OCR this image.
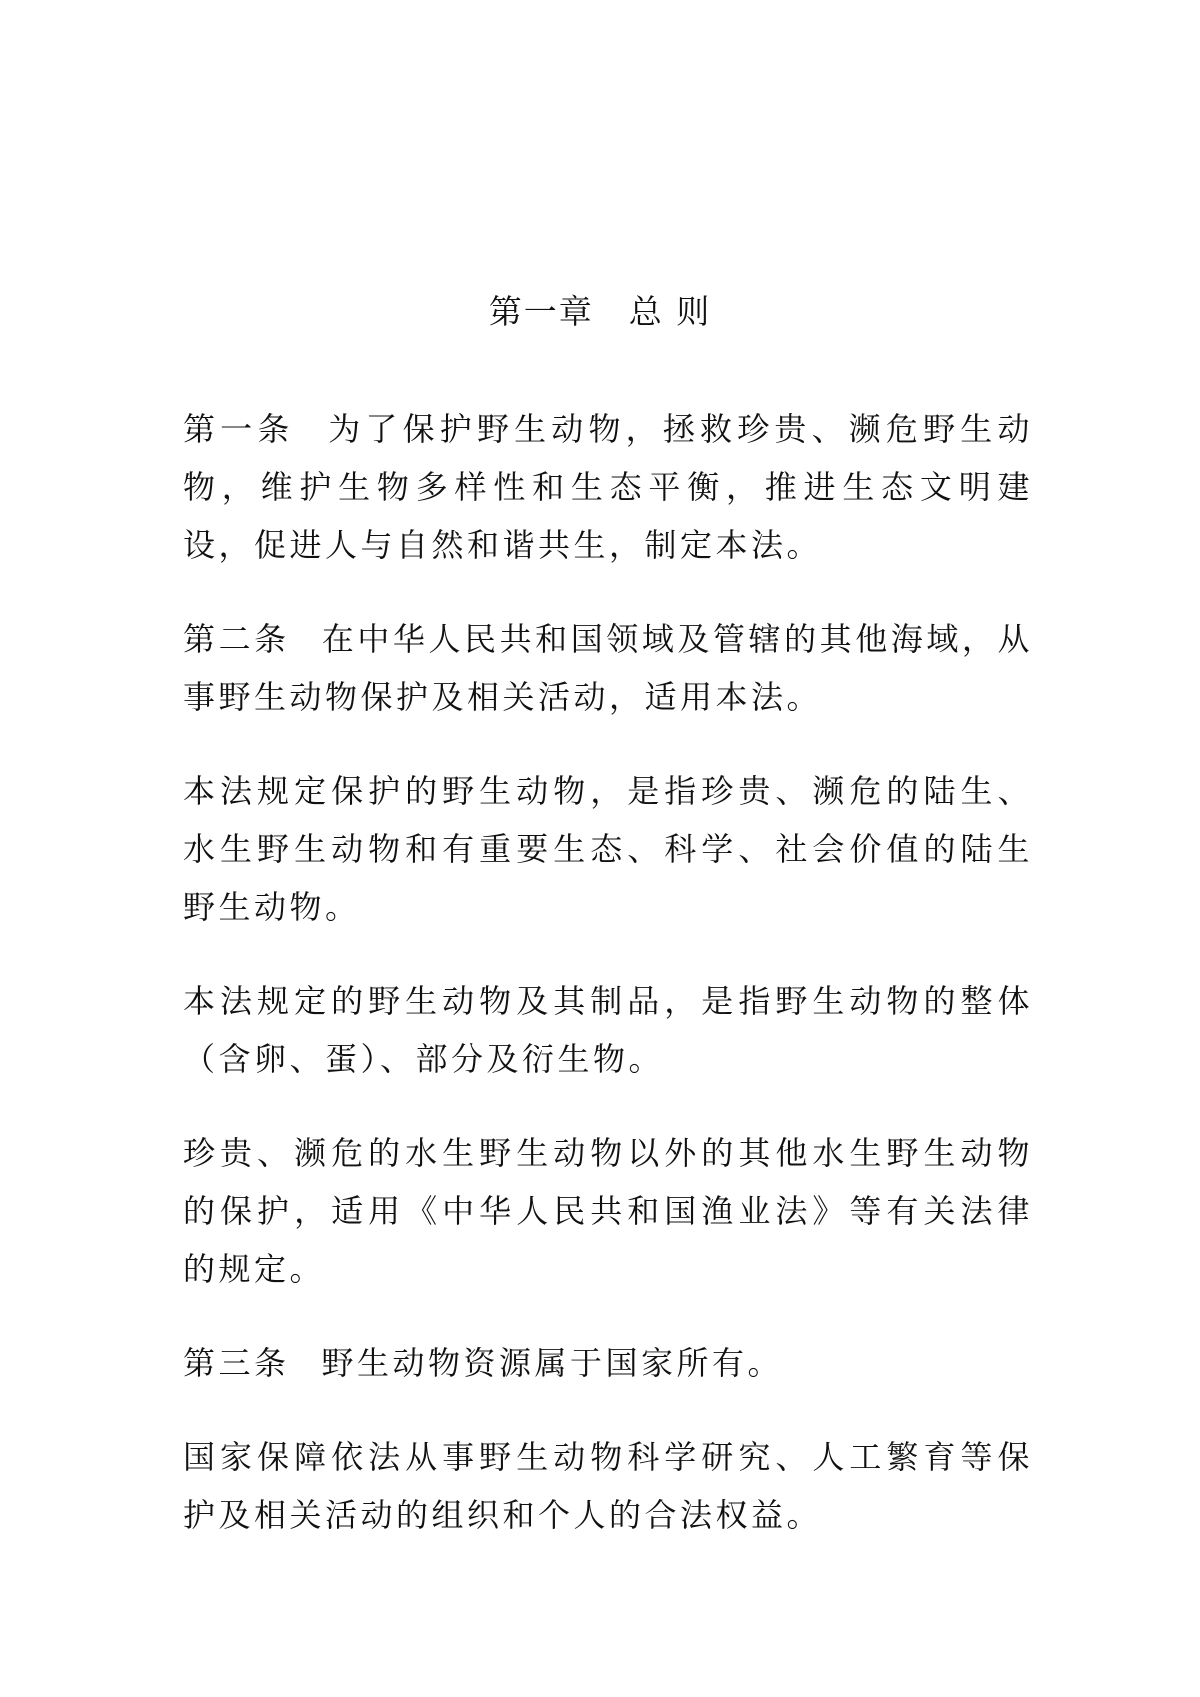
第一章　总 则

第一条 为了保护野生动物，拯救珍贵、濒危野生动物，维护生物多样性和生态平衡，推进生态文明建设，促进人与自然和谐共生，制定本法。

第二条 在中华人民共和国领域及管辖的其他海域，从事野生动物保护及相关活动，适用本法。

本法规定保护的野生动物，是指珍贵、濒危的陆生、水生野生动物和有重要生态、科学、社会价值的陆生野生动物。

本法规定的野生动物及其制品，是指野生动物的整体（含卵、蛋）、部分及衍生物。

珍贵、濒危的水生野生动物以外的其他水生野生动物的保护，适用《中华人民共和国渔业法》等有关法律的规定。

第三条 野生动物资源属于国家所有。

国家保障依法从事野生动物科学研究、人工繁育等保护及相关活动的组织和个人的合法权益。
